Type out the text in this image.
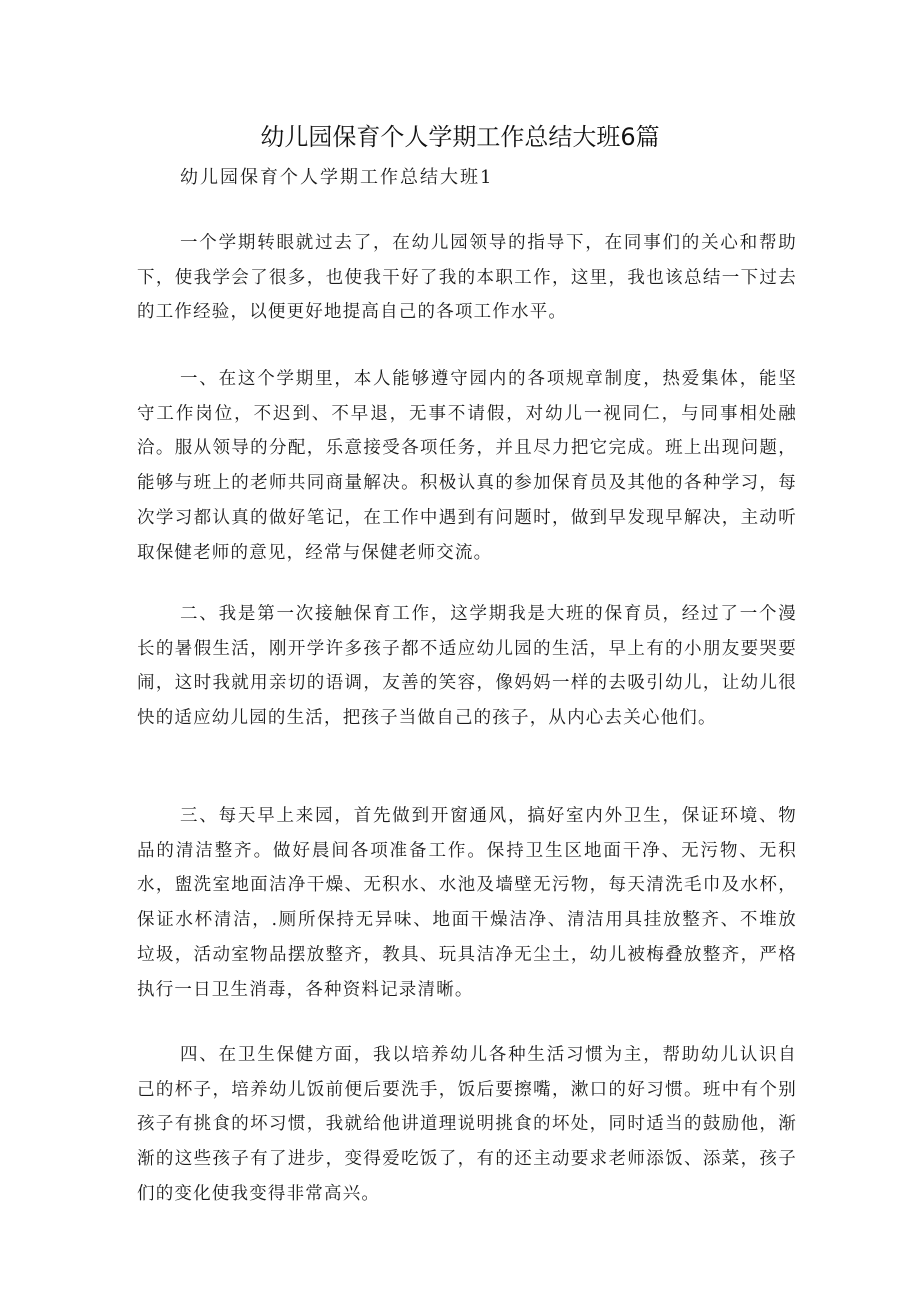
幼儿园保育个人学期工作总结大班6篇
幼儿园保育个人学期工作总结大班1

一个学期转眼就过去了，在幼儿园领导的指导下，在同事们的关心和帮助下，使我学会了很多，也使我干好了我的本职工作，这里，我也该总结一下过去的工作经验，以便更好地提高自己的各项工作水平。

一、在这个学期里，本人能够遵守园内的各项规章制度，热爱集体，能坚守工作岗位，不迟到、不早退，无事不请假，对幼儿一视同仁，与同事相处融洽。服从领导的分配，乐意接受各项任务，并且尽力把它完成。班上出现问题，能够与班上的老师共同商量解决。积极认真的参加保育员及其他的各种学习，每次学习都认真的做好笔记，在工作中遇到有问题时，做到早发现早解决，主动听取保健老师的意见，经常与保健老师交流。

二、我是第一次接触保育工作，这学期我是大班的保育员，经过了一个漫长的暑假生活，刚开学许多孩子都不适应幼儿园的生活，早上有的小朋友要哭要闹，这时我就用亲切的语调，友善的笑容，像妈妈一样的去吸引幼儿，让幼儿很快的适应幼儿园的生活，把孩子当做自己的孩子，从内心去关心他们。

三、每天早上来园，首先做到开窗通风，搞好室内外卫生，保证环境、物品的清洁整齐。做好晨间各项准备工作。保持卫生区地面干净、无污物、无积水，盥洗室地面洁净干燥、无积水、水池及墙壁无污物，每天清洗毛巾及水杯，保证水杯清洁，.厕所保持无异味、地面干燥洁净、清洁用具挂放整齐、不堆放垃圾，活动室物品摆放整齐，教具、玩具洁净无尘土，幼儿被梅叠放整齐，严格执行一日卫生消毒，各种资料记录清晰。

四、在卫生保健方面，我以培养幼儿各种生活习惯为主，帮助幼儿认识自己的杯子，培养幼儿饭前便后要洗手，饭后要擦嘴，漱口的好习惯。班中有个别孩子有挑食的坏习惯，我就给他讲道理说明挑食的坏处，同时适当的鼓励他，渐渐的这些孩子有了进步，变得爱吃饭了，有的还主动要求老师添饭、添菜，孩子们的变化使我变得非常高兴。
